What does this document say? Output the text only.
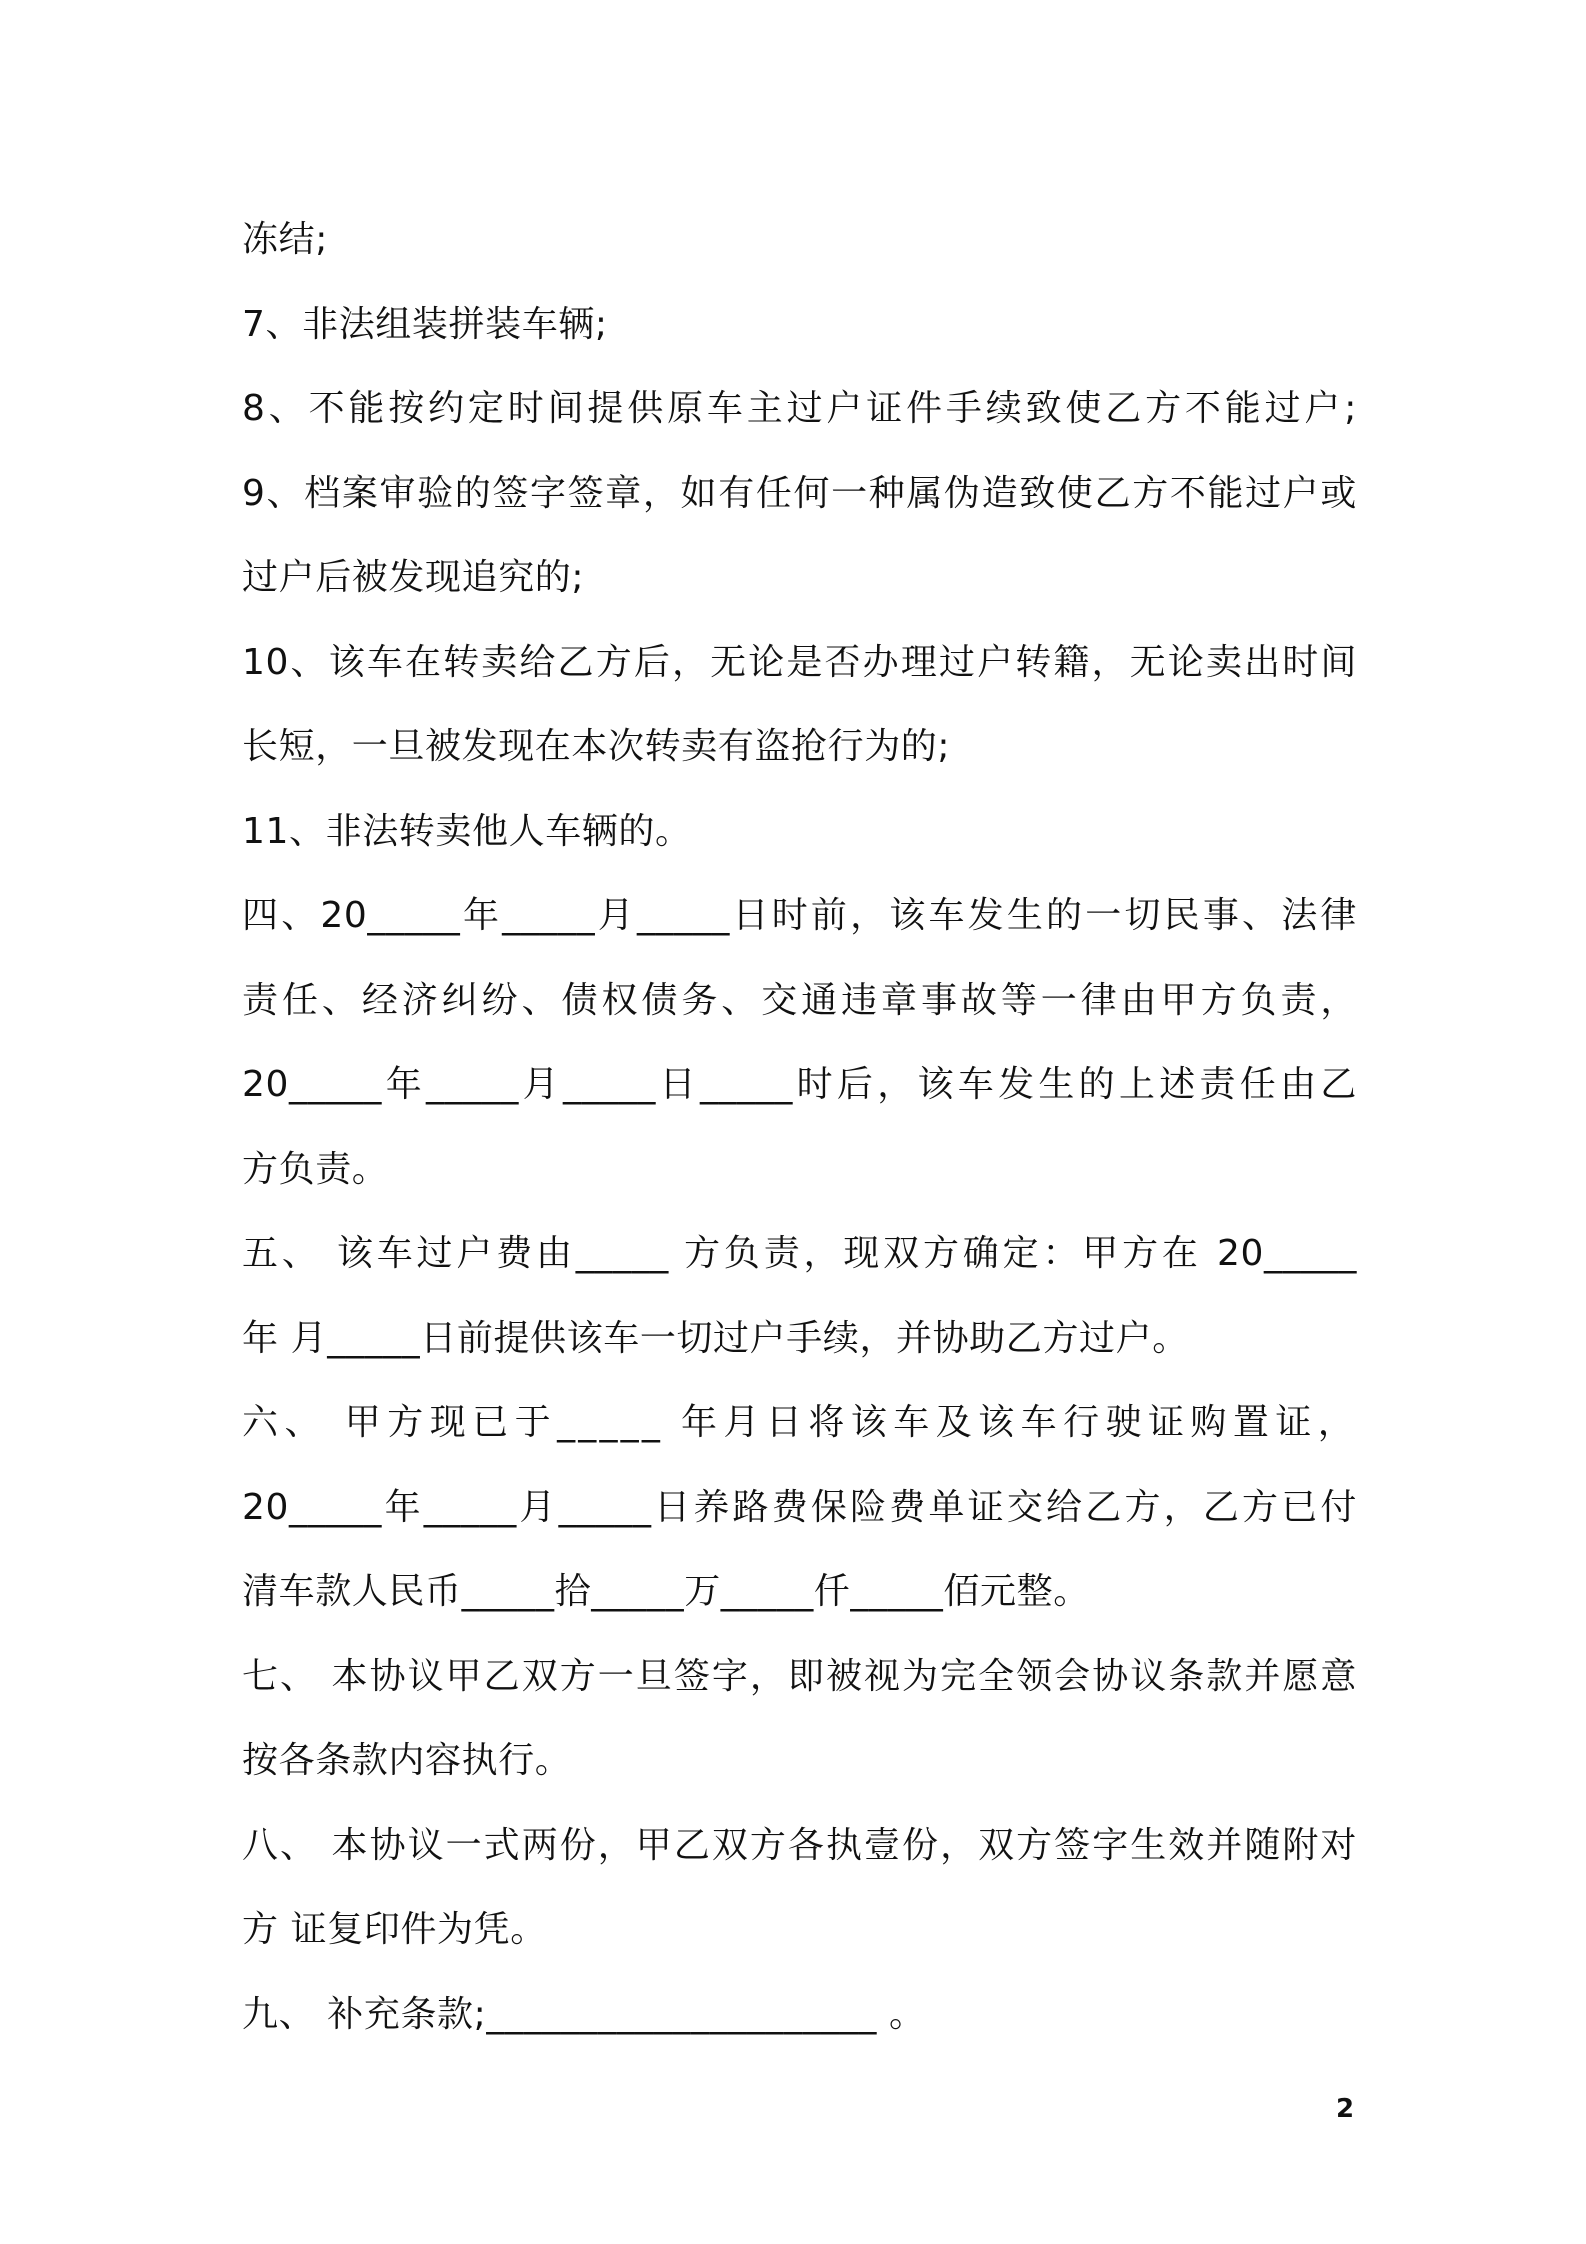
冻结;
7、非法组装拼装车辆;
8、不能按约定时间提供原车主过户证件手续致使乙方不能过户;
9、档案审验的签字签章，如有任何一种属伪造致使乙方不能过户或
过户后被发现追究的;
10、该车在转卖给乙方后，无论是否办理过户转籍，无论卖出时间
长短，一旦被发现在本次转卖有盗抢行为的;
11、非法转卖他人车辆的。
四、20_____年_____月_____日时前，该车发生的一切民事、法律
责任、经济纠纷、债权债务、交通违章事故等一律由甲方负责，
20_____年_____月_____日_____时后，该车发生的上述责任由乙
方负责。
五、 该车过户费由_____ 方负责，现双方确定：甲方在 20_____
年 月_____日前提供该车一切过户手续，并协助乙方过户。
六、 甲方现已于_____ 年月日将该车及该车行驶证购置证，
20_____年_____月_____日养路费保险费单证交给乙方，乙方已付
清车款人民币_____拾_____万_____仟_____佰元整。
七、 本协议甲乙双方一旦签字，即被视为完全领会协议条款并愿意
按各条款内容执行。
八、 本协议一式两份，甲乙双方各执壹份，双方签字生效并随附对
方 证复印件为凭。
九、 补充条款;_____________________ 。
2
